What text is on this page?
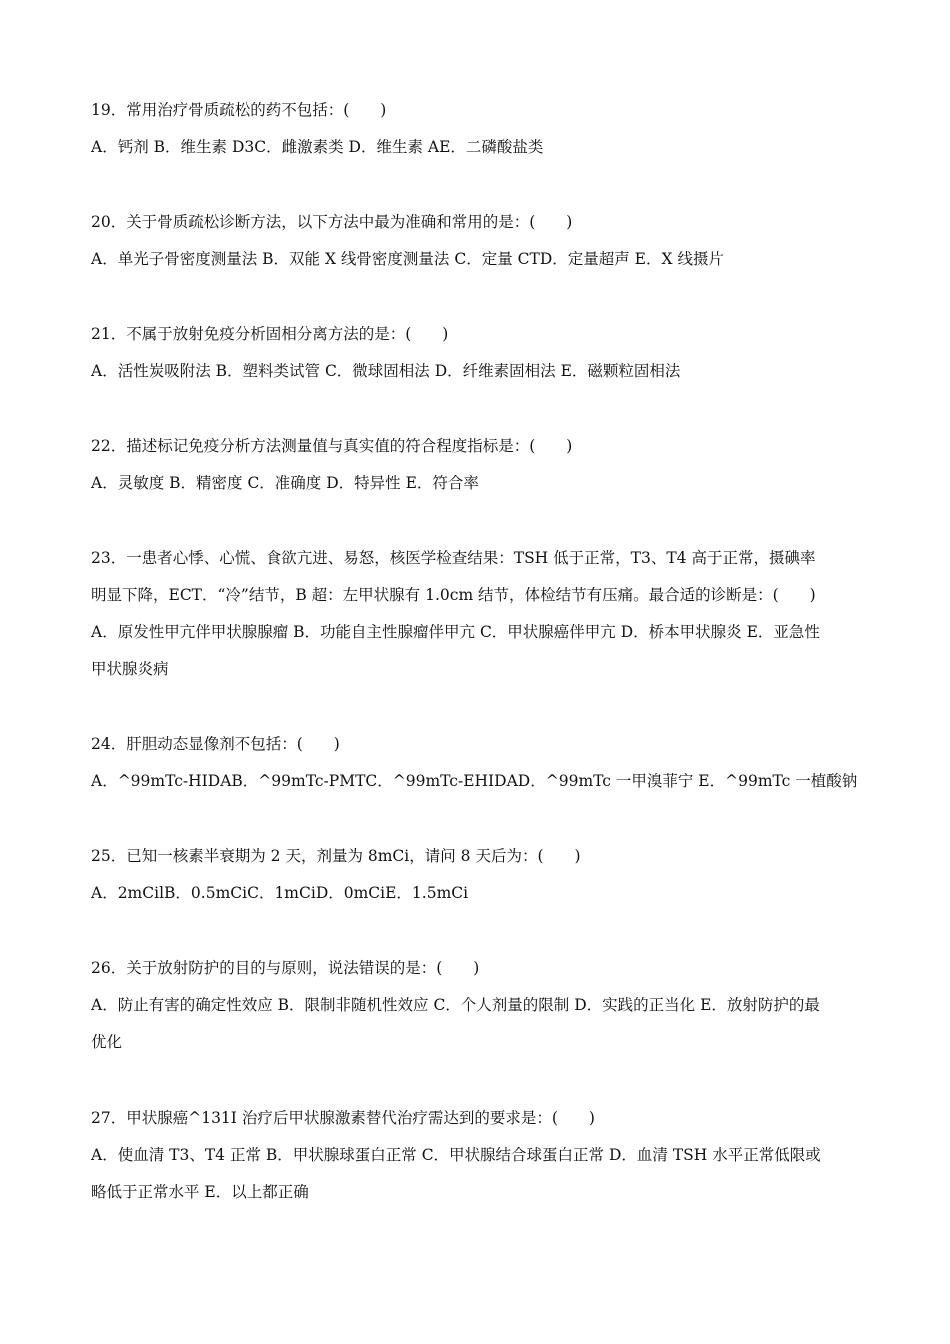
19．常用治疗骨质疏松的药不包括：(　　)
A．钙剂 B．维生素 D3C．雌激素类 D．维生素 AE．二磷酸盐类
20．关于骨质疏松诊断方法，以下方法中最为准确和常用的是：(　　)
A．单光子骨密度测量法 B．双能 X 线骨密度测量法 C．定量 CTD．定量超声 E．X 线摄片
21．不属于放射免疫分析固相分离方法的是：(　　)
A．活性炭吸附法 B．塑料类试管 C．微球固相法 D．纤维素固相法 E．磁颗粒固相法
22．描述标记免疫分析方法测量值与真实值的符合程度指标是：(　　)
A．灵敏度 B．精密度 C．准确度 D．特异性 E．符合率
23．一患者心悸、心慌、食欲亢进、易怒，核医学检查结果：TSH 低于正常，T3、T4 高于正常，摄碘率
明显下降，ECT．“冷”结节，B 超：左甲状腺有 1.0cm 结节，体检结节有压痛。最合适的诊断是：(　　)
A．原发性甲亢伴甲状腺腺瘤 B．功能自主性腺瘤伴甲亢 C．甲状腺癌伴甲亢 D．桥本甲状腺炎 E．亚急性
甲状腺炎病
24．肝胆动态显像剂不包括：(　　)
A．^99mTc-HIDAB．^99mTc-PMTC．^99mTc-EHIDAD．^99mTc 一甲溴菲宁 E．^99mTc 一植酸钠
25．已知一核素半衰期为 2 天，剂量为 8mCi，请问 8 天后为：(　　)
A．2mCilB．0.5mCiC．1mCiD．0mCiE．1.5mCi
26．关于放射防护的目的与原则，说法错误的是：(　　)
A．防止有害的确定性效应 B．限制非随机性效应 C．个人剂量的限制 D．实践的正当化 E．放射防护的最
优化
27．甲状腺癌^131I 治疗后甲状腺激素替代治疗需达到的要求是：(　　)
A．使血清 T3、T4 正常 B．甲状腺球蛋白正常 C．甲状腺结合球蛋白正常 D．血清 TSH 水平正常低限或
略低于正常水平 E．以上都正确
